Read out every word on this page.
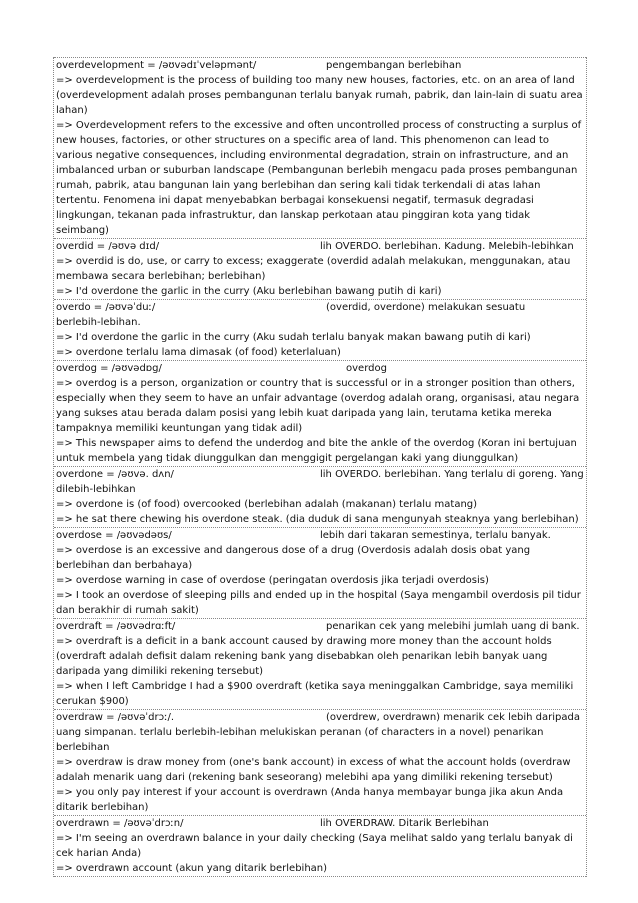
overdevelopment = /əʊvədɪˈveləpmənt/	pengembangan berlebihan
=> overdevelopment is the process of building too many new houses, factories, etc. on an area of land (overdevelopment adalah proses pembangunan terlalu banyak rumah, pabrik, dan lain-lain di suatu area lahan)
=> Overdevelopment refers to the excessive and often uncontrolled process of constructing a surplus of new houses, factories, or other structures on a specific area of land. This phenomenon can lead to various negative consequences, including environmental degradation, strain on infrastructure, and an imbalanced urban or suburban landscape (Pembangunan berlebih mengacu pada proses pembangunan rumah, pabrik, atau bangunan lain yang berlebihan dan sering kali tidak terkendali di atas lahan tertentu. Fenomena ini dapat menyebabkan berbagai konsekuensi negatif, termasuk degradasi lingkungan, tekanan pada infrastruktur, dan lanskap perkotaan atau pinggiran kota yang tidak seimbang)
overdid = /əʊvə dɪd/	lih OVERDO. berlebihan. Kadung. Melebih-lebihkan
=> overdid is do, use, or carry to excess; exaggerate (overdid adalah melakukan, menggunakan, atau membawa secara berlebihan; berlebihan)
=> I'd overdone the garlic in the curry (Aku berlebihan bawang putih di kari)
overdo = /əʊvəˈduː/	(overdid, overdone) melakukan sesuatu
berlebih-lebihan.
=> I'd overdone the garlic in the curry (Aku sudah terlalu banyak makan bawang putih di kari)
=> overdone terlalu lama dimasak (of food) keterlaluan)
overdog = /əʊvədɒg/	overdog
=> overdog is a person, organization or country that is successful or in a stronger position than others, especially when they seem to have an unfair advantage (overdog adalah orang, organisasi, atau negara yang sukses atau berada dalam posisi yang lebih kuat daripada yang lain, terutama ketika mereka tampaknya memiliki keuntungan yang tidak adil)
=> This newspaper aims to defend the underdog and bite the ankle of the overdog (Koran ini bertujuan untuk membela yang tidak diunggulkan dan menggigit pergelangan kaki yang diunggulkan)
overdone = /əʊvə. dʌn/	lih OVERDO. berlebihan. Yang terlalu di goreng. Yang
dilebih-lebihkan
=> overdone is (of food) overcooked (berlebihan adalah (makanan) terlalu matang)
=> he sat there chewing his overdone steak. (dia duduk di sana mengunyah steaknya yang berlebihan)
overdose = /əʊvədəʊs/	lebih dari takaran semestinya, terlalu banyak.
=> overdose is an excessive and dangerous dose of a drug (Overdosis adalah dosis obat yang berlebihan dan berbahaya)
=> overdose warning in case of overdose (peringatan overdosis jika terjadi overdosis)
=> I took an overdose of sleeping pills and ended up in the hospital (Saya mengambil overdosis pil tidur dan berakhir di rumah sakit)
overdraft = /əʊvədrɑːft/	penarikan cek yang melebihi jumlah uang di bank.
=> overdraft is a deficit in a bank account caused by drawing more money than the account holds (overdraft adalah defisit dalam rekening bank yang disebabkan oleh penarikan lebih banyak uang daripada yang dimiliki rekening tersebut)
=> when I left Cambridge I had a $900 overdraft (ketika saya meninggalkan Cambridge, saya memiliki cerukan $900)
overdraw = /əʊvəˈdrɔː/.	(overdrew, overdrawn) menarik cek lebih daripada
uang simpanan. terlalu berlebih-lebihan melukiskan peranan (of characters in a novel) penarikan berlebihan
=> overdraw is draw money from (one's bank account) in excess of what the account holds (overdraw adalah menarik uang dari (rekening bank seseorang) melebihi apa yang dimiliki rekening tersebut)
=> you only pay interest if your account is overdrawn (Anda hanya membayar bunga jika akun Anda ditarik berlebihan)
overdrawn = /əʊvəˈdrɔːn/	lih OVERDRAW. Ditarik Berlebihan
=> I'm seeing an overdrawn balance in your daily checking (Saya melihat saldo yang terlalu banyak di cek harian Anda)
=> overdrawn account (akun yang ditarik berlebihan)
